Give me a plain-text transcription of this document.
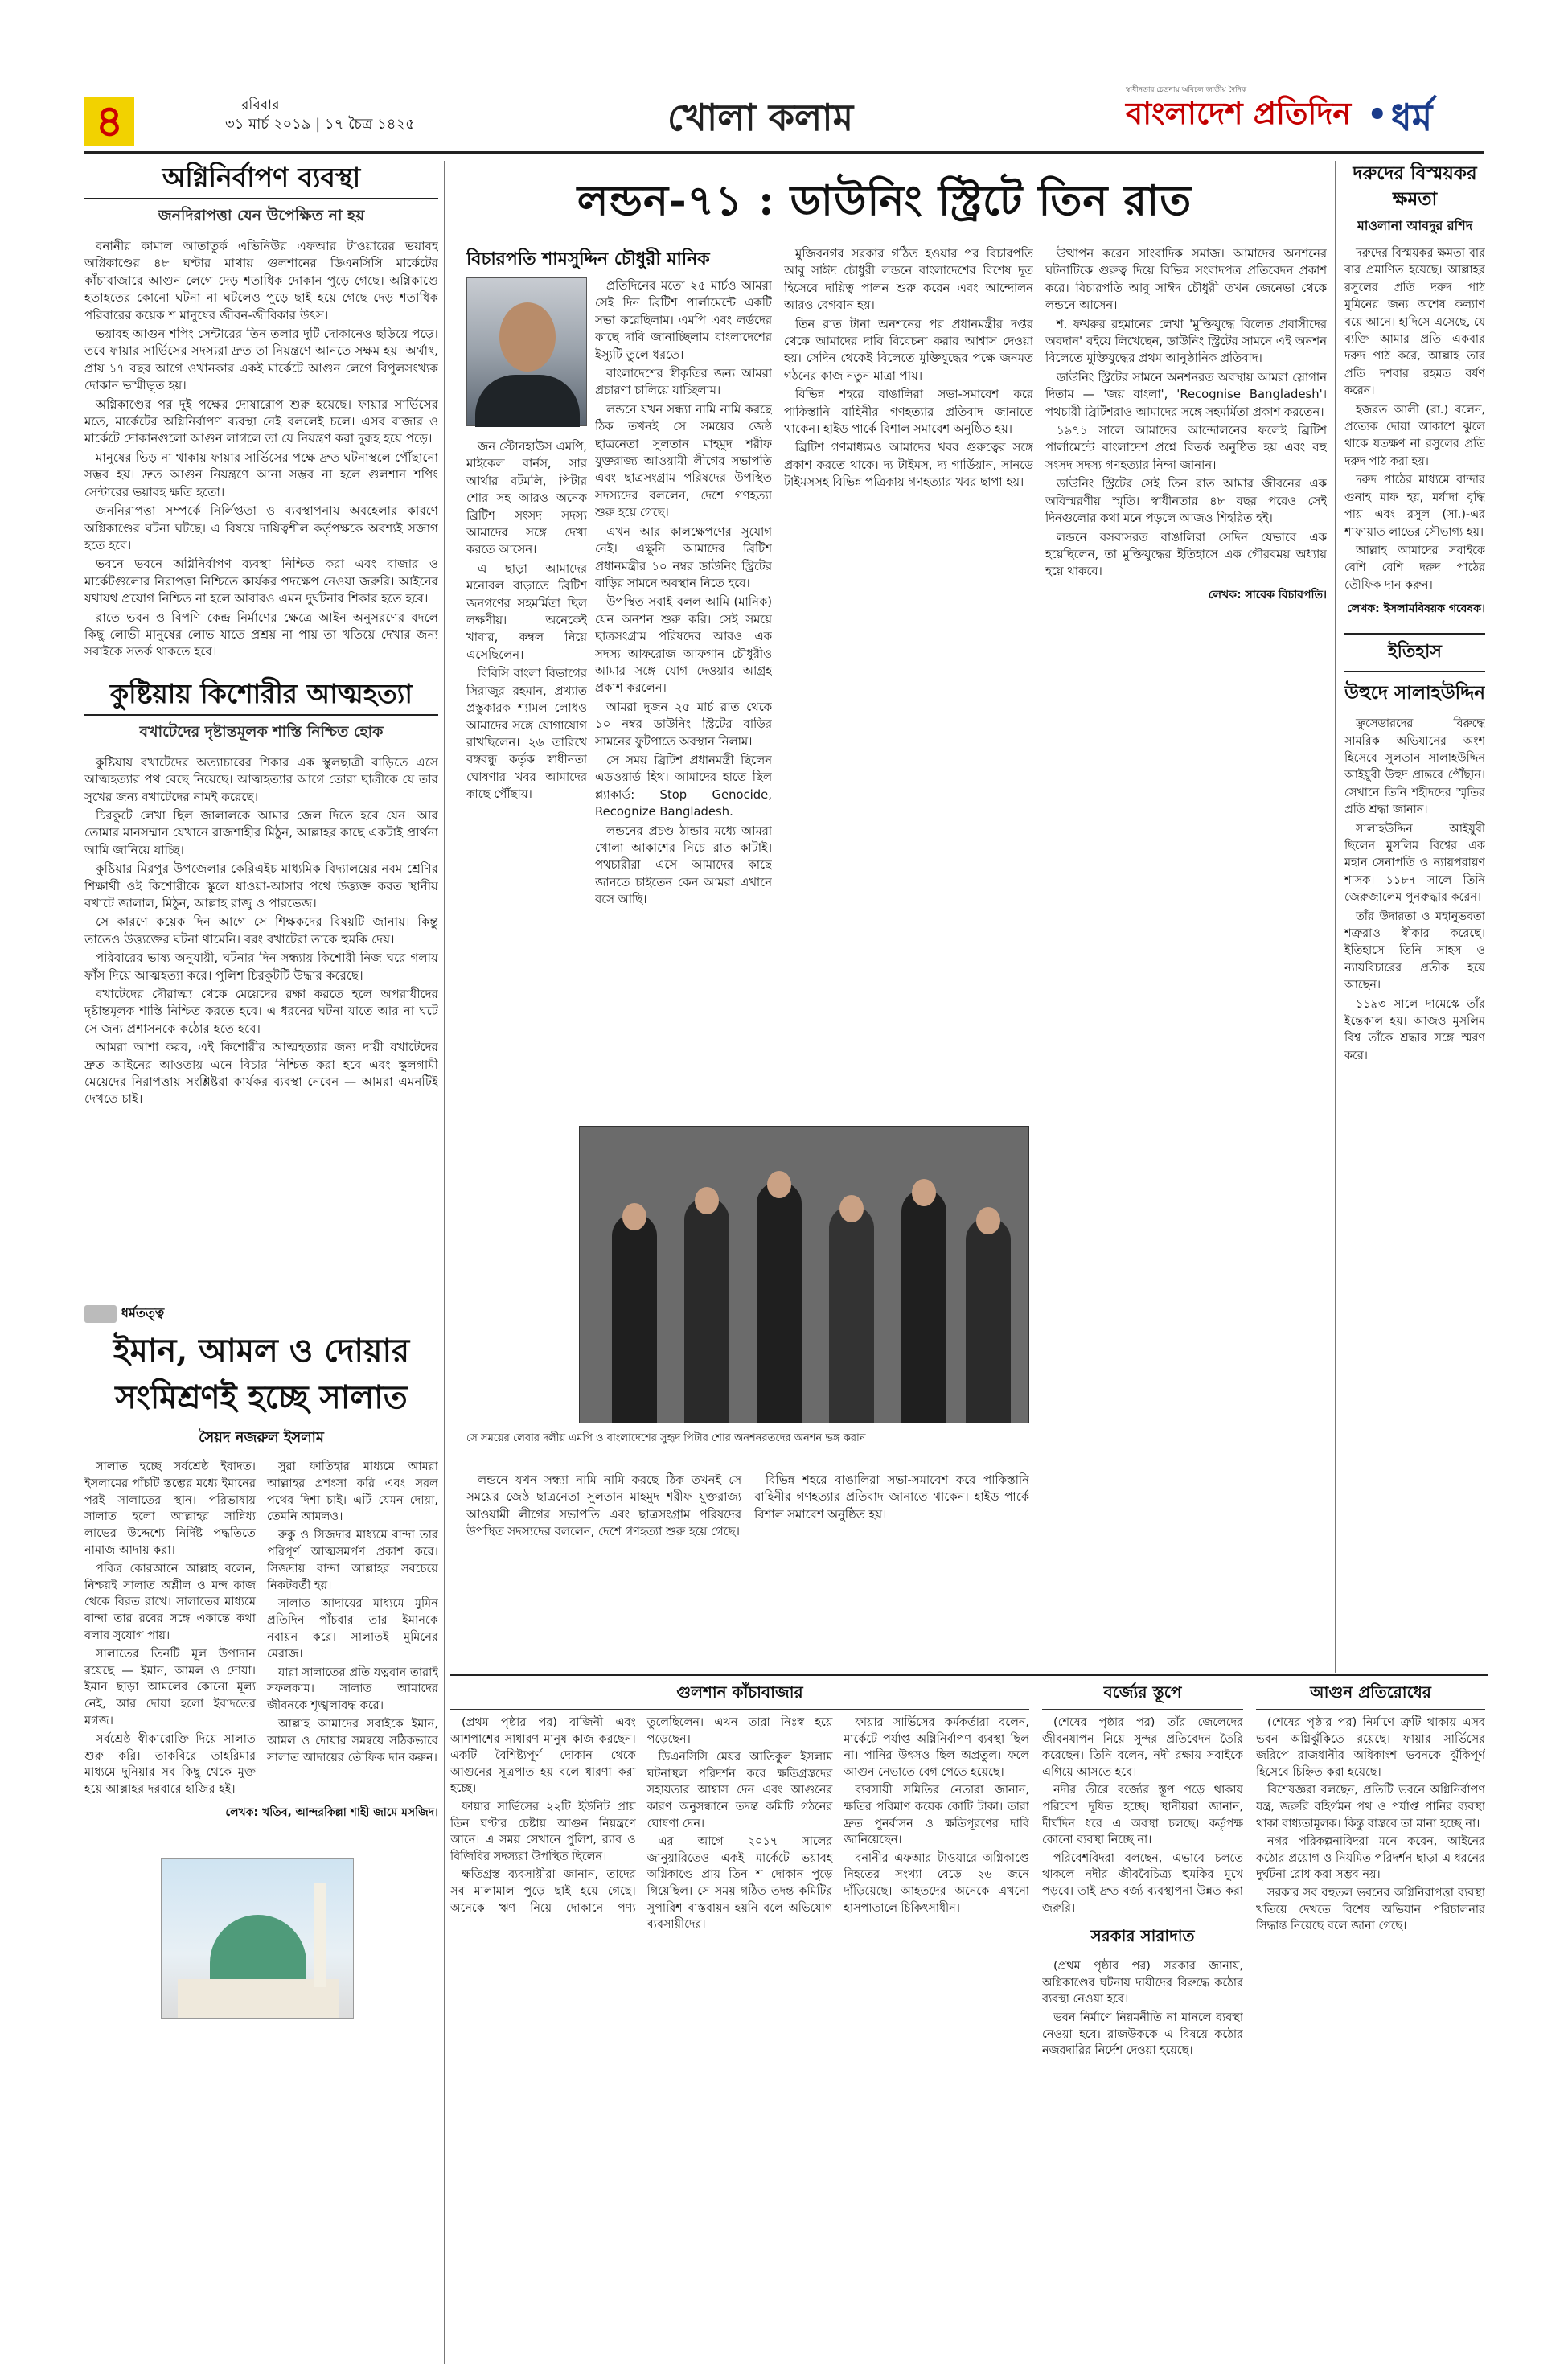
৪	রবিবার
৩১ মার্চ ২০১৯ | ১৭ চৈত্র ১৪২৫	খোলা কলাম
স্বাধীনতার চেতনায় অবিচল জাতীয় দৈনিক
বাংলাদেশ প্রতিদিন • ধর্ম
অগ্নিনির্বাপণ ব্যবস্থা
জনদিরাপত্তা যেন উপেক্ষিত না হয়

বনানীর কামাল আতাতুর্ক এভিনিউর এফআর টাওয়ারের ভয়াবহ অগ্নিকাণ্ডের ৪৮ ঘণ্টার মাথায় গুলশানের ডিএনসিসি মার্কেটের কাঁচাবাজারে আগুন লেগে দেড় শতাধিক দোকান পুড়ে গেছে। অগ্নিকাণ্ডে হতাহতের কোনো ঘটনা না ঘটলেও পুড়ে ছাই হয়ে গেছে দেড় শতাধিক পরিবারের কয়েক শ মানুষের জীবন-জীবিকার উৎস।

ভয়াবহ আগুন শপিং সেন্টারের তিন তলার দুটি দোকানেও ছড়িয়ে পড়ে। তবে ফায়ার সার্ভিসের সদস্যরা দ্রুত তা নিয়ন্ত্রণে আনতে সক্ষম হয়। অর্থাৎ, প্রায় ১৭ বছর আগে ওখানকার একই মার্কেটে আগুন লেগে বিপুলসংখ্যক দোকান ভস্মীভূত হয়।

অগ্নিকাণ্ডের পর দুই পক্ষের দোষারোপ শুরু হয়েছে। ফায়ার সার্ভিসের মতে, মার্কেটের অগ্নিনির্বাপণ ব্যবস্থা নেই বললেই চলে। এসব বাজার ও মার্কেটে দোকানগুলো আগুন লাগলে তা যে নিয়ন্ত্রণ করা দুরূহ হয়ে পড়ে।

মানুষের ভিড় না থাকায় ফায়ার সার্ভিসের পক্ষে দ্রুত ঘটনাস্থলে পৌঁছানো সম্ভব হয়। দ্রুত আগুন নিয়ন্ত্রণে আনা সম্ভব না হলে গুলশান শপিং সেন্টারের ভয়াবহ ক্ষতি হতো।

জননিরাপত্তা সম্পর্কে নির্লিপ্ততা ও ব্যবস্থাপনায় অবহেলার কারণে অগ্নিকাণ্ডের ঘটনা ঘটছে। এ বিষয়ে দায়িত্বশীল কর্তৃপক্ষকে অবশ্যই সজাগ হতে হবে।

ভবনে ভবনে অগ্নিনির্বাপণ ব্যবস্থা নিশ্চিত করা এবং বাজার ও মার্কেটগুলোর নিরাপত্তা নিশ্চিতে কার্যকর পদক্ষেপ নেওয়া জরুরি। আইনের যথাযথ প্রয়োগ নিশ্চিত না হলে আবারও এমন দুর্ঘটনার শিকার হতে হবে।

রাতে ভবন ও বিপণি কেন্দ্র নির্মাণের ক্ষেত্রে আইন অনুসরণের বদলে কিছু লোভী মানুষের লোভ যাতে প্রশ্রয় না পায় তা খতিয়ে দেখার জন্য সবাইকে সতর্ক থাকতে হবে।

কুষ্টিয়ায় কিশোরীর আত্মহত্যা
বখাটেদের দৃষ্টান্তমূলক শাস্তি নিশ্চিত হোক

কুষ্টিয়ায় বখাটেদের অত্যাচারের শিকার এক স্কুলছাত্রী বাড়িতে এসে আত্মহত্যার পথ বেছে নিয়েছে। আত্মহত্যার আগে তোরা ছাত্রীকে যে তার সুখের জন্য বখাটেদের নামই করেছে।

চিরকুটে লেখা ছিল জালালকে আমার জেল দিতে হবে যেন। আর তোমার মানসম্মান যেখানে রাজশাহীর মিঠুন, আল্লাহর কাছে একটাই প্রার্থনা আমি জানিয়ে যাচ্ছি।

কুষ্টিয়ার মিরপুর উপজেলার কেরিএইচ মাধ্যমিক বিদ্যালয়ের নবম শ্রেণির শিক্ষার্থী ওই কিশোরীকে স্কুলে যাওয়া-আসার পথে উত্ত্যক্ত করত স্থানীয় বখাটে জালাল, মিঠুন, আল্লাহ রাজু ও পারভেজ।

সে কারণে কয়েক দিন আগে সে শিক্ষকদের বিষয়টি জানায়। কিন্তু তাতেও উত্ত্যক্তের ঘটনা থামেনি। বরং বখাটেরা তাকে হুমকি দেয়।

পরিবারের ভাষ্য অনুযায়ী, ঘটনার দিন সন্ধ্যায় কিশোরী নিজ ঘরে গলায় ফাঁস দিয়ে আত্মহত্যা করে। পুলিশ চিরকুটটি উদ্ধার করেছে।

বখাটেদের দৌরাত্ম্য থেকে মেয়েদের রক্ষা করতে হলে অপরাধীদের দৃষ্টান্তমূলক শাস্তি নিশ্চিত করতে হবে। এ ধরনের ঘটনা যাতে আর না ঘটে সে জন্য প্রশাসনকে কঠোর হতে হবে।

আমরা আশা করব, এই কিশোরীর আত্মহত্যার জন্য দায়ী বখাটেদের দ্রুত আইনের আওতায় এনে বিচার নিশ্চিত করা হবে এবং স্কুলগামী মেয়েদের নিরাপত্তায় সংশ্লিষ্টরা কার্যকর ব্যবস্থা নেবেন — আমরা এমনটিই দেখতে চাই।

ধর্মতত্ত্ব
ইমান, আমল ও দোয়ার সংমিশ্রণই হচ্ছে সালাত
সৈয়দ নজরুল ইসলাম

সালাত হচ্ছে সর্বশ্রেষ্ঠ ইবাদত। ইসলামের পাঁচটি স্তম্ভের মধ্যে ইমানের পরই সালাতের স্থান। পরিভাষায় সালাত হলো আল্লাহর সান্নিধ্য লাভের উদ্দেশ্যে নির্দিষ্ট পদ্ধতিতে নামাজ আদায় করা।

পবিত্র কোরআনে আল্লাহ বলেন, নিশ্চয়ই সালাত অশ্লীল ও মন্দ কাজ থেকে বিরত রাখে। সালাতের মাধ্যমে বান্দা তার রবের সঙ্গে একান্তে কথা বলার সুযোগ পায়।

সালাতের তিনটি মূল উপাদান রয়েছে — ইমান, আমল ও দোয়া। ইমান ছাড়া আমলের কোনো মূল্য নেই, আর দোয়া হলো ইবাদতের মগজ।

সর্বশ্রেষ্ঠ স্বীকারোক্তি দিয়ে সালাত শুরু করি। তাকবিরে তাহরিমার মাধ্যমে দুনিয়ার সব কিছু থেকে মুক্ত হয়ে আল্লাহর দরবারে হাজির হই।

সুরা ফাতিহার মাধ্যমে আমরা আল্লাহর প্রশংসা করি এবং সরল পথের দিশা চাই। এটি যেমন দোয়া, তেমনি আমলও।

রুকু ও সিজদার মাধ্যমে বান্দা তার পরিপূর্ণ আত্মসমর্পণ প্রকাশ করে। সিজদায় বান্দা আল্লাহর সবচেয়ে নিকটবর্তী হয়।

সালাত আদায়ের মাধ্যমে মুমিন প্রতিদিন পাঁচবার তার ইমানকে নবায়ন করে। সালাতই মুমিনের মেরাজ।

যারা সালাতের প্রতি যত্নবান তারাই সফলকাম। সালাত আমাদের জীবনকে শৃঙ্খলাবদ্ধ করে।

আল্লাহ আমাদের সবাইকে ইমান, আমল ও দোয়ার সমন্বয়ে সঠিকভাবে সালাত আদায়ের তৌফিক দান করুন।

লেখক: খতিব, আন্দরকিল্লা শাহী জামে মসজিদ।
লন্ডন-৭১ : ডাউনিং স্ট্রিটে তিন রাত
বিচারপতি শামসুদ্দিন চৌধুরী মানিক

প্রতিদিনের মতো ২৫ মার্চও আমরা সেই দিন ব্রিটিশ পার্লামেন্টে একটি সভা করেছিলাম। এমপি এবং লর্ডদের কাছে দাবি জানাচ্ছিলাম বাংলাদেশের ইস্যুটি তুলে ধরতে।

বাংলাদেশের স্বীকৃতির জন্য আমরা প্রচারণা চালিয়ে যাচ্ছিলাম।

লন্ডনে যখন সন্ধ্যা নামি নামি করছে ঠিক তখনই সে সময়ের জেষ্ঠ ছাত্রনেতা সুলতান মাহমুদ শরীফ যুক্তরাজ্য আওয়ামী লীগের সভাপতি এবং ছাত্রসংগ্রাম পরিষদের উপস্থিত সদস্যদের বললেন, দেশে গণহত্যা শুরু হয়ে গেছে।

এখন আর কালক্ষেপণের সুযোগ নেই। এক্ষুনি আমাদের ব্রিটিশ প্রধানমন্ত্রীর ১০ নম্বর ডাউনিং স্ট্রিটের বাড়ির সামনে অবস্থান নিতে হবে।

উপস্থিত সবাই বলল আমি (মানিক) যেন অনশন শুরু করি। সেই সময়ে ছাত্রসংগ্রাম পরিষদের আরও এক সদস্য আফরোজ আফগান চৌধুরীও আমার সঙ্গে যোগ দেওয়ার আগ্রহ প্রকাশ করলেন।

আমরা দুজন ২৫ মার্চ রাত থেকে ১০ নম্বর ডাউনিং স্ট্রিটের বাড়ির সামনের ফুটপাতে অবস্থান নিলাম।

সে সময় ব্রিটিশ প্রধানমন্ত্রী ছিলেন এডওয়ার্ড হিথ। আমাদের হাতে ছিল প্ল্যাকার্ড: Stop Genocide, Recognize Bangladesh.

লন্ডনের প্রচণ্ড ঠান্ডার মধ্যে আমরা খোলা আকাশের নিচে রাত কাটাই। পথচারীরা এসে আমাদের কাছে জানতে চাইতেন কেন আমরা এখানে বসে আছি।

জন স্টোনহাউস এমপি, মাইকেল বার্নস, সার আর্থার বটমলি, পিটার শোর সহ আরও অনেক ব্রিটিশ সংসদ সদস্য আমাদের সঙ্গে দেখা করতে আসেন।

এ ছাড়া আমাদের মনোবল বাড়াতে ব্রিটিশ জনগণের সহমর্মিতা ছিল লক্ষণীয়। অনেকেই খাবার, কম্বল নিয়ে এসেছিলেন।

বিবিসি বাংলা বিভাগের সিরাজুর রহমান, প্রখ্যাত প্রস্তুকারক শ্যামল লোধও আমাদের সঙ্গে যোগাযোগ রাখছিলেন। ২৬ তারিখে বঙ্গবন্ধু কর্তৃক স্বাধীনতা ঘোষণার খবর আমাদের কাছে পৌঁছায়।

মুজিবনগর সরকার গঠিত হওয়ার পর বিচারপতি আবু সাঈদ চৌধুরী লন্ডনে বাংলাদেশের বিশেষ দূত হিসেবে দায়িত্ব পালন শুরু করেন এবং আন্দোলন আরও বেগবান হয়।

তিন রাত টানা অনশনের পর প্রধানমন্ত্রীর দপ্তর থেকে আমাদের দাবি বিবেচনা করার আশ্বাস দেওয়া হয়। সেদিন থেকেই বিলেতে মুক্তিযুদ্ধের পক্ষে জনমত গঠনের কাজ নতুন মাত্রা পায়।

বিভিন্ন শহরে বাঙালিরা সভা-সমাবেশ করে পাকিস্তানি বাহিনীর গণহত্যার প্রতিবাদ জানাতে থাকেন। হাইড পার্কে বিশাল সমাবেশ অনুষ্ঠিত হয়।

ব্রিটিশ গণমাধ্যমও আমাদের খবর গুরুত্বের সঙ্গে প্রকাশ করতে থাকে। দ্য টাইমস, দ্য গার্ডিয়ান, সানডে টাইমসসহ বিভিন্ন পত্রিকায় গণহত্যার খবর ছাপা হয়।

উত্থাপন করেন সাংবাদিক সমাজ। আমাদের অনশনের ঘটনাটিকে গুরুত্ব দিয়ে বিভিন্ন সংবাদপত্র প্রতিবেদন প্রকাশ করে। বিচারপতি আবু সাঈদ চৌধুরী তখন জেনেভা থেকে লন্ডনে আসেন।

শ. ফখরুর রহমানের লেখা 'মুক্তিযুদ্ধে বিলেত প্রবাসীদের অবদান' বইয়ে লিখেছেন, ডাউনিং স্ট্রিটের সামনে এই অনশন বিলেতে মুক্তিযুদ্ধের প্রথম আনুষ্ঠানিক প্রতিবাদ।

ডাউনিং স্ট্রিটের সামনে অনশনরত অবস্থায় আমরা স্লোগান দিতাম — 'জয় বাংলা', 'Recognise Bangladesh'। পথচারী ব্রিটিশরাও আমাদের সঙ্গে সহমর্মিতা প্রকাশ করতেন।

১৯৭১ সালে আমাদের আন্দোলনের ফলেই ব্রিটিশ পার্লামেন্টে বাংলাদেশ প্রশ্নে বিতর্ক অনুষ্ঠিত হয় এবং বহু সংসদ সদস্য গণহত্যার নিন্দা জানান।

ডাউনিং স্ট্রিটের সেই তিন রাত আমার জীবনের এক অবিস্মরণীয় স্মৃতি। স্বাধীনতার ৪৮ বছর পরেও সেই দিনগুলোর কথা মনে পড়লে আজও শিহরিত হই।

লন্ডনে বসবাসরত বাঙালিরা সেদিন যেভাবে এক হয়েছিলেন, তা মুক্তিযুদ্ধের ইতিহাসে এক গৌরবময় অধ্যায় হয়ে থাকবে।

লেখক: সাবেক বিচারপতি।
সে সময়ের লেবার দলীয় এমপি ও বাংলাদেশের সুহৃদ পিটার শোর অনশনরতদের অনশন ভঙ্গ করান।

লন্ডনে যখন সন্ধ্যা নামি নামি করছে ঠিক তখনই সে সময়ের জেষ্ঠ ছাত্রনেতা সুলতান মাহমুদ শরীফ যুক্তরাজ্য আওয়ামী লীগের সভাপতি এবং ছাত্রসংগ্রাম পরিষদের উপস্থিত সদস্যদের বললেন, দেশে গণহত্যা শুরু হয়ে গেছে।

বিভিন্ন শহরে বাঙালিরা সভা-সমাবেশ করে পাকিস্তানি বাহিনীর গণহত্যার প্রতিবাদ জানাতে থাকেন। হাইড পার্কে বিশাল সমাবেশ অনুষ্ঠিত হয়।

দরুদের বিস্ময়কর ক্ষমতা
মাওলানা আবদুর রশিদ

দরুদের বিস্ময়কর ক্ষমতা বার বার প্রমাণিত হয়েছে। আল্লাহর রসুলের প্রতি দরুদ পাঠ মুমিনের জন্য অশেষ কল্যাণ বয়ে আনে। হাদিসে এসেছে, যে ব্যক্তি আমার প্রতি একবার দরুদ পাঠ করে, আল্লাহ তার প্রতি দশবার রহমত বর্ষণ করেন।

হজরত আলী (রা.) বলেন, প্রত্যেক দোয়া আকাশে ঝুলে থাকে যতক্ষণ না রসুলের প্রতি দরুদ পাঠ করা হয়।

দরুদ পাঠের মাধ্যমে বান্দার গুনাহ মাফ হয়, মর্যাদা বৃদ্ধি পায় এবং রসুল (সা.)-এর শাফায়াত লাভের সৌভাগ্য হয়।

আল্লাহ আমাদের সবাইকে বেশি বেশি দরুদ পাঠের তৌফিক দান করুন।

লেখক: ইসলামবিষয়ক গবেষক।
ইতিহাস
উহুদে সালাহউদ্দিন

ক্রুসেডারদের বিরুদ্ধে সামরিক অভিযানের অংশ হিসেবে সুলতান সালাহউদ্দিন আইয়ুবী উহুদ প্রান্তরে পৌঁছান। সেখানে তিনি শহীদদের স্মৃতির প্রতি শ্রদ্ধা জানান।

সালাহউদ্দিন আইয়ুবী ছিলেন মুসলিম বিশ্বের এক মহান সেনাপতি ও ন্যায়পরায়ণ শাসক। ১১৮৭ সালে তিনি জেরুজালেম পুনরুদ্ধার করেন।

তাঁর উদারতা ও মহানুভবতা শত্রুরাও স্বীকার করেছে। ইতিহাসে তিনি সাহস ও ন্যায়বিচারের প্রতীক হয়ে আছেন।

১১৯৩ সালে দামেস্কে তাঁর ইন্তেকাল হয়। আজও মুসলিম বিশ্ব তাঁকে শ্রদ্ধার সঙ্গে স্মরণ করে।

গুলশান কাঁচাবাজার

(প্রথম পৃষ্ঠার পর) বাজিনী এবং আশপাশের সাধারণ মানুষ কাজ করছেন। একটি বৈশিষ্ট্যপূর্ণ দোকান থেকে আগুনের সূত্রপাত হয় বলে ধারণা করা হচ্ছে।

ফায়ার সার্ভিসের ২২টি ইউনিট প্রায় তিন ঘণ্টার চেষ্টায় আগুন নিয়ন্ত্রণে আনে। এ সময় সেখানে পুলিশ, র‌্যাব ও বিজিবির সদস্যরা উপস্থিত ছিলেন।

ক্ষতিগ্রস্ত ব্যবসায়ীরা জানান, তাদের সব মালামাল পুড়ে ছাই হয়ে গেছে। অনেকে ঋণ নিয়ে দোকানে পণ্য তুলেছিলেন। এখন তারা নিঃস্ব হয়ে পড়েছেন।

ডিএনসিসি মেয়র আতিকুল ইসলাম ঘটনাস্থল পরিদর্শন করে ক্ষতিগ্রস্তদের সহায়তার আশ্বাস দেন এবং আগুনের কারণ অনুসন্ধানে তদন্ত কমিটি গঠনের ঘোষণা দেন।

এর আগে ২০১৭ সালের জানুয়ারিতেও একই মার্কেটে ভয়াবহ অগ্নিকাণ্ডে প্রায় তিন শ দোকান পুড়ে গিয়েছিল। সে সময় গঠিত তদন্ত কমিটির সুপারিশ বাস্তবায়ন হয়নি বলে অভিযোগ ব্যবসায়ীদের।

ফায়ার সার্ভিসের কর্মকর্তারা বলেন, মার্কেটে পর্যাপ্ত অগ্নিনির্বাপণ ব্যবস্থা ছিল না। পানির উৎসও ছিল অপ্রতুল। ফলে আগুন নেভাতে বেগ পেতে হয়েছে।

ব্যবসায়ী সমিতির নেতারা জানান, ক্ষতির পরিমাণ কয়েক কোটি টাকা। তারা দ্রুত পুনর্বাসন ও ক্ষতিপূরণের দাবি জানিয়েছেন।

বনানীর এফআর টাওয়ারে অগ্নিকাণ্ডে নিহতের সংখ্যা বেড়ে ২৬ জনে দাঁড়িয়েছে। আহতদের অনেকে এখনো হাসপাতালে চিকিৎসাধীন।

বর্জ্যের স্তূপে

(শেষের পৃষ্ঠার পর) তাঁর জেলেদের জীবনযাপন নিয়ে সুন্দর প্রতিবেদন তৈরি করেছেন। তিনি বলেন, নদী রক্ষায় সবাইকে এগিয়ে আসতে হবে।

নদীর তীরে বর্জ্যের স্তূপ পড়ে থাকায় পরিবেশ দূষিত হচ্ছে। স্থানীয়রা জানান, দীর্ঘদিন ধরে এ অবস্থা চলছে। কর্তৃপক্ষ কোনো ব্যবস্থা নিচ্ছে না।

পরিবেশবিদরা বলছেন, এভাবে চলতে থাকলে নদীর জীববৈচিত্র্য হুমকির মুখে পড়বে। তাই দ্রুত বর্জ্য ব্যবস্থাপনা উন্নত করা জরুরি।

সরকার সারাদাত

(প্রথম পৃষ্ঠার পর) সরকার জানায়, অগ্নিকাণ্ডের ঘটনায় দায়ীদের বিরুদ্ধে কঠোর ব্যবস্থা নেওয়া হবে।

ভবন নির্মাণে নিয়মনীতি না মানলে ব্যবস্থা নেওয়া হবে। রাজউককে এ বিষয়ে কঠোর নজরদারির নির্দেশ দেওয়া হয়েছে।

আগুন প্রতিরোধের

(শেষের পৃষ্ঠার পর) নির্মাণে ত্রুটি থাকায় এসব ভবন অগ্নিঝুঁকিতে রয়েছে। ফায়ার সার্ভিসের জরিপে রাজধানীর অধিকাংশ ভবনকে ঝুঁকিপূর্ণ হিসেবে চিহ্নিত করা হয়েছে।

বিশেষজ্ঞরা বলছেন, প্রতিটি ভবনে অগ্নিনির্বাপণ যন্ত্র, জরুরি বহির্গমন পথ ও পর্যাপ্ত পানির ব্যবস্থা থাকা বাধ্যতামূলক। কিন্তু বাস্তবে তা মানা হচ্ছে না।

নগর পরিকল্পনাবিদরা মনে করেন, আইনের কঠোর প্রয়োগ ও নিয়মিত পরিদর্শন ছাড়া এ ধরনের দুর্ঘটনা রোধ করা সম্ভব নয়।

সরকার সব বহুতল ভবনের অগ্নিনিরাপত্তা ব্যবস্থা খতিয়ে দেখতে বিশেষ অভিযান পরিচালনার সিদ্ধান্ত নিয়েছে বলে জানা গেছে।
